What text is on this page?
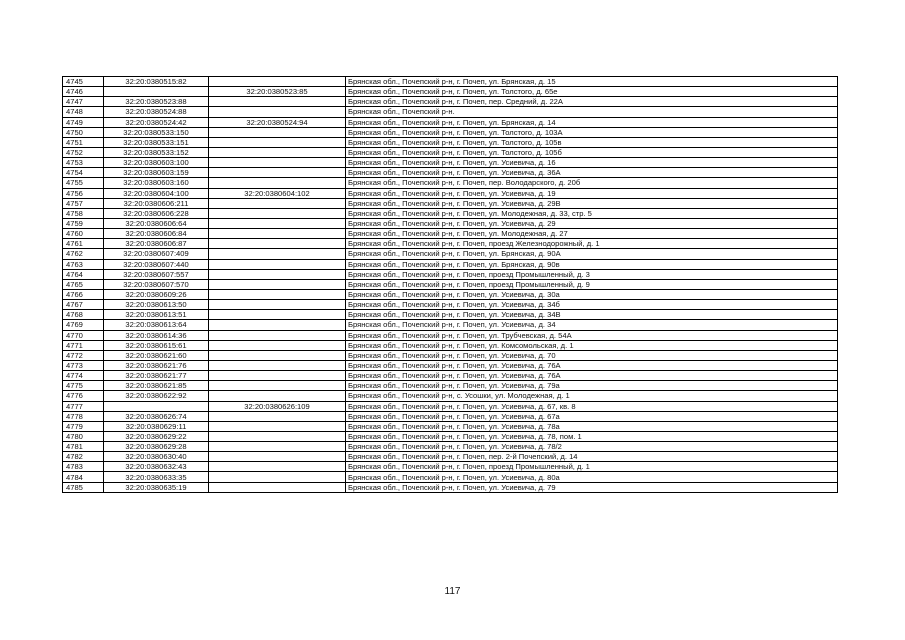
4745	32:20:0380515:82		Брянская обл., Почепский р-н, г. Почеп, ул. Брянская, д. 15
4746		32:20:0380523:85	Брянская обл., Почепский р-н, г. Почеп, ул. Толстого, д. 65е
4747	32:20:0380523:88		Брянская обл., Почепский р-н, г. Почеп, пер. Средний, д. 22А
4748	32:20:0380524:88		Брянская обл., Почепский р-н.
4749	32:20:0380524:42	32:20:0380524:94	Брянская обл., Почепский р-н, г. Почеп, ул. Брянская, д. 14
4750	32:20:0380533:150		Брянская обл., Почепский р-н, г. Почеп, ул. Толстого, д. 103А
4751	32:20:0380533:151		Брянская обл., Почепский р-н, г. Почеп, ул. Толстого, д. 105в
4752	32:20:0380533:152		Брянская обл., Почепский р-н, г. Почеп, ул. Толстого, д. 105б
4753	32:20:0380603:100		Брянская обл., Почепский р-н, г. Почеп, ул. Усиевича, д. 16
4754	32:20:0380603:159		Брянская обл., Почепский р-н, г. Почеп, ул. Усиевича, д. 36А
4755	32:20:0380603:160		Брянская обл., Почепский р-н, г. Почеп, пер. Володарского, д. 20б
4756	32:20:0380604:100	32:20:0380604:102	Брянская обл., Почепский р-н, г. Почеп, ул. Усиевича, д. 19
4757	32:20:0380606:211		Брянская обл., Почепский р-н, г. Почеп, ул. Усиевича, д. 29В
4758	32:20:0380606:228		Брянская обл., Почепский р-н, г. Почеп, ул. Молодежная, д. 33, стр. 5
4759	32:20:0380606:64		Брянская обл., Почепский р-н, г. Почеп, ул. Усиевича, д. 29
4760	32:20:0380606:84		Брянская обл., Почепский р-н, г. Почеп, ул. Молодежная, д. 27
4761	32:20:0380606:87		Брянская обл., Почепский р-н, г. Почеп, проезд Железнодорожный, д. 1
4762	32:20:0380607:409		Брянская обл., Почепский р-н, г. Почеп, ул. Брянская, д. 90А
4763	32:20:0380607:440		Брянская обл., Почепский р-н, г. Почеп, ул. Брянская, д. 90в
4764	32:20:0380607:557		Брянская обл., Почепский р-н, г. Почеп, проезд Промышленный, д. 3
4765	32:20:0380607:570		Брянская обл., Почепский р-н, г. Почеп, проезд Промышленный, д. 9
4766	32:20:0380609:26		Брянская обл., Почепский р-н, г. Почеп, ул. Усиевича, д. 30а
4767	32:20:0380613:50		Брянская обл., Почепский р-н, г. Почеп, ул. Усиевича, д. 34б
4768	32:20:0380613:51		Брянская обл., Почепский р-н, г. Почеп, ул. Усиевича, д. 34В
4769	32:20:0380613:64		Брянская обл., Почепский р-н, г. Почеп, ул. Усиевича, д. 34
4770	32:20:0380614:36		Брянская обл., Почепский р-н, г. Почеп, ул. Трубчевская, д. 54А
4771	32:20:0380615:61		Брянская обл., Почепский р-н, г. Почеп, ул. Комсомольская, д. 1
4772	32:20:0380621:60		Брянская обл., Почепский р-н, г. Почеп, ул. Усиевича, д. 70
4773	32:20:0380621:76		Брянская обл., Почепский р-н, г. Почеп, ул. Усиевича, д. 76А
4774	32:20:0380621:77		Брянская обл., Почепский р-н, г. Почеп, ул. Усиевича, д. 76А
4775	32:20:0380621:85		Брянская обл., Почепский р-н, г. Почеп, ул. Усиевича, д. 79а
4776	32:20:0380622:92		Брянская обл., Почепский р-н, с. Усошки, ул. Молодежная, д. 1
4777		32:20:0380626:109	Брянская обл., Почепский р-н, г. Почеп, ул. Усиевича, д. 67, кв. 8
4778	32:20:0380626:74		Брянская обл., Почепский р-н, г. Почеп, ул. Усиевича, д. 67а
4779	32:20:0380629:11		Брянская обл., Почепский р-н, г. Почеп, ул. Усиевича, д. 78а
4780	32:20:0380629:22		Брянская обл., Почепский р-н, г. Почеп, ул. Усиевича, д. 78, пом. 1
4781	32:20:0380629:28		Брянская обл., Почепский р-н, г. Почеп, ул. Усиевича, д. 78/2
4782	32:20:0380630:40		Брянская обл., Почепский р-н, г. Почеп, пер. 2-й Почепский, д. 14
4783	32:20:0380632:43		Брянская обл., Почепский р-н, г. Почеп, проезд Промышленный, д. 1
4784	32:20:0380633:35		Брянская обл., Почепский р-н, г. Почеп, ул. Усиевича, д. 80а
4785	32:20:0380635:19		Брянская обл., Почепский р-н, г. Почеп, ул. Усиевича, д. 79
117
